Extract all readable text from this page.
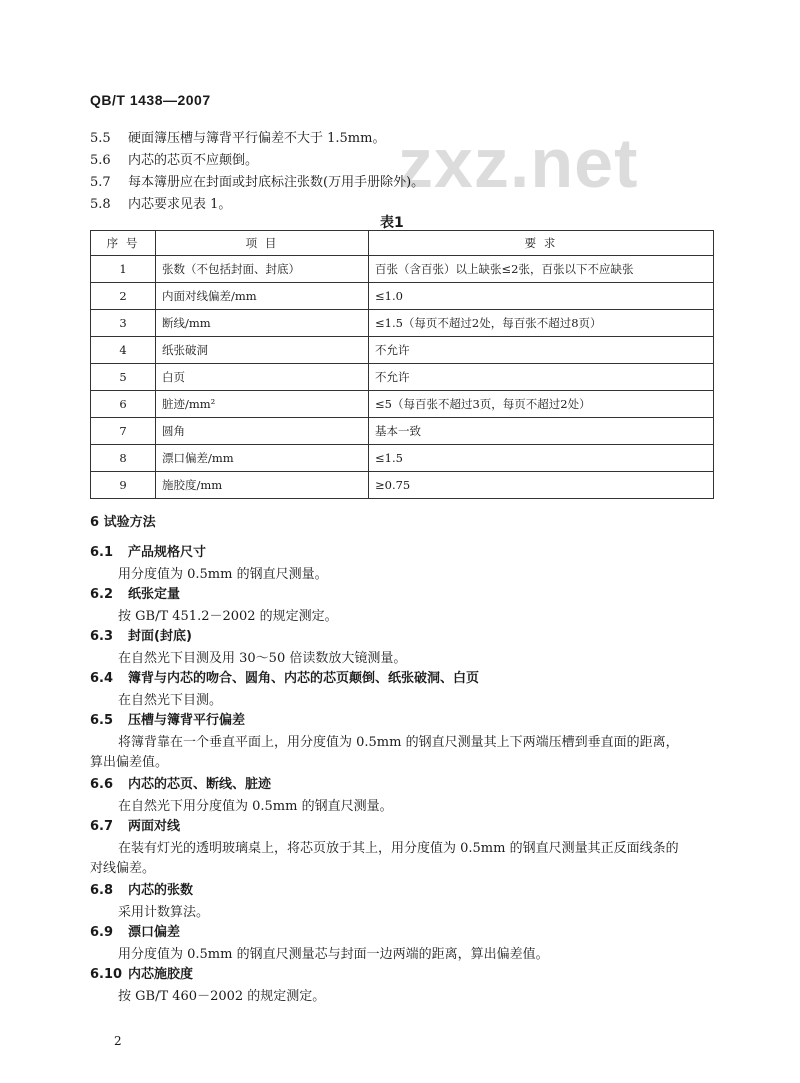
QB/T 1438—2007
zxz.net
5.5 硬面簿压槽与簿背平行偏差不大于 1.5mm。
5.6 内芯的芯页不应颠倒。
5.7 每本簿册应在封面或封底标注张数(万用手册除外)。
5.8 内芯要求见表 1。
表1
序 号	项 目	要 求
1	张数（不包括封面、封底）	百张（含百张）以上缺张≤2张，百张以下不应缺张
2	内面对线偏差/mm	≤1.0
3	断线/mm	≤1.5（每页不超过2处，每百张不超过8页）
4	纸张破洞	不允许
5	白页	不允许
6	脏迹/mm²	≤5（每百张不超过3页，每页不超过2处）
7	圆角	基本一致
8	漂口偏差/mm	≤1.5
9	施胶度/mm	≥0.75
6 试验方法
6.1 产品规格尺寸
用分度值为 0.5mm 的钢直尺测量。
6.2 纸张定量
按 GB/T 451.2－2002 的规定测定。
6.3 封面(封底)
在自然光下目测及用 30～50 倍读数放大镜测量。
6.4 簿背与内芯的吻合、圆角、内芯的芯页颠倒、纸张破洞、白页
在自然光下目测。
6.5 压槽与簿背平行偏差
将簿背靠在一个垂直平面上，用分度值为 0.5mm 的钢直尺测量其上下两端压槽到垂直面的距离，
算出偏差值。
6.6 内芯的芯页、断线、脏迹
在自然光下用分度值为 0.5mm 的钢直尺测量。
6.7 两面对线
在装有灯光的透明玻璃桌上，将芯页放于其上，用分度值为 0.5mm 的钢直尺测量其正反面线条的
对线偏差。
6.8 内芯的张数
采用计数算法。
6.9 漂口偏差
用分度值为 0.5mm 的钢直尺测量芯与封面一边两端的距离，算出偏差值。
6.10 内芯施胶度
按 GB/T 460－2002 的规定测定。
2
